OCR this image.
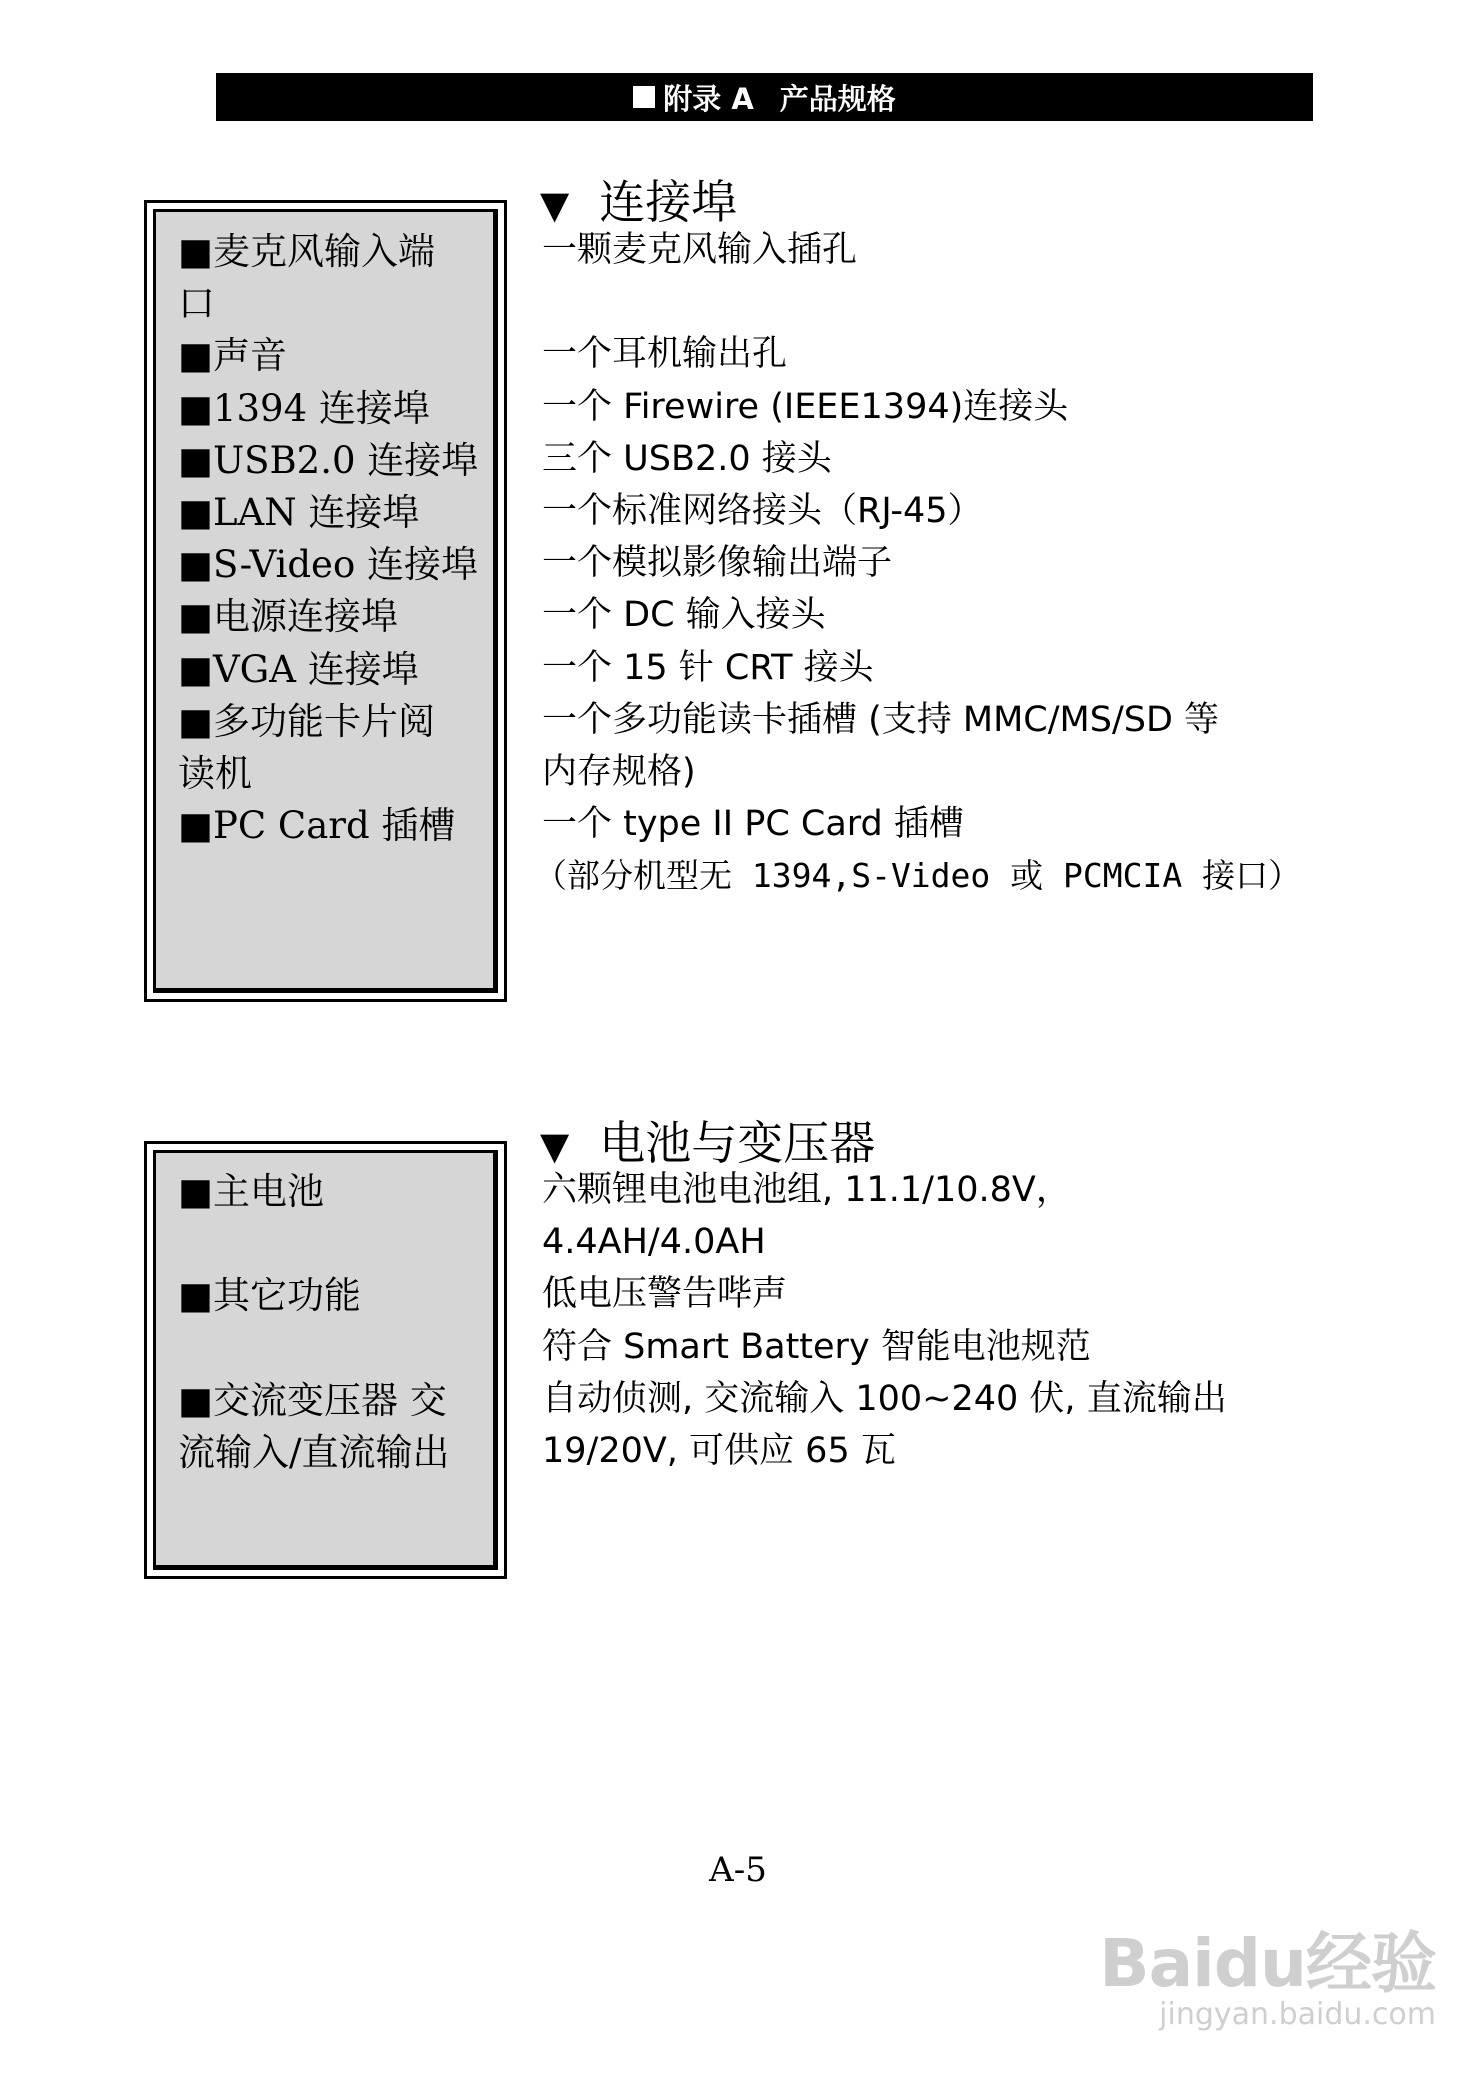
附录 A 产品规格
■麦克风输入端
口
■声音
■1394 连接埠
■USB2.0 连接埠
■LAN 连接埠
■S-Video 连接埠
■电源连接埠
■VGA 连接埠
■多功能卡片阅
读机
■PC Card 插槽
▼ 连接埠
一颗麦克风输入插孔

一个耳机输出孔
一个 Firewire (IEEE1394)连接头
三个 USB2.0 接头
一个标准网络接头（RJ-45）
一个模拟影像输出端子
一个 DC 输入接头
一个 15 针 CRT 接头
一个多功能读卡插槽 (支持 MMC/MS/SD 等
内存规格)
一个 type II PC Card 插槽
（部分机型无 1394,S-Video 或 PCMCIA 接口）
■主电池

■其它功能

■交流变压器 交
流输入/直流输出
▼ 电池与变压器
六颗锂电池电池组, 11.1/10.8V，
4.4AH/4.0AH
低电压警告哔声
符合 Smart Battery 智能电池规范
自动侦测, 交流输入 100~240 伏, 直流输出
19/20V, 可供应 65 瓦
A-5
Baidu经验
jingyan.baidu.com
